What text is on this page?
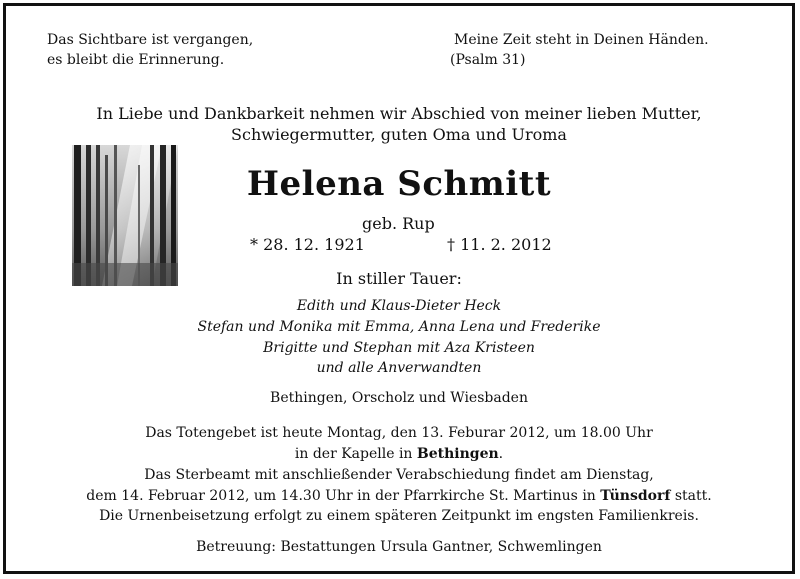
Das Sichtbare ist vergangen,
es bleibt die Erinnerung.
Meine Zeit steht in Deinen Händen.
(Psalm 31)
In Liebe und Dankbarkeit nehmen wir Abschied von meiner lieben Mutter,
Schwiegermutter, guten Oma und Uroma
Helena Schmitt
geb. Rup
* 28. 12. 1921	† 11. 2. 2012
In stiller Tauer:
Edith und Klaus-Dieter Heck
Stefan und Monika mit Emma, Anna Lena und Frederike
Brigitte und Stephan mit Aza Kristeen
und alle Anverwandten
Bethingen, Orscholz und Wiesbaden
Das Totengebet ist heute Montag, den 13. Feburar 2012, um 18.00 Uhr
in der Kapelle in Bethingen.
Das Sterbeamt mit anschließender Verabschiedung findet am Dienstag,
dem 14. Februar 2012, um 14.30 Uhr in der Pfarrkirche St. Martinus in Tünsdorf statt.
Die Urnenbeisetzung erfolgt zu einem späteren Zeitpunkt im engsten Familienkreis.
Betreuung: Bestattungen Ursula Gantner, Schwemlingen
